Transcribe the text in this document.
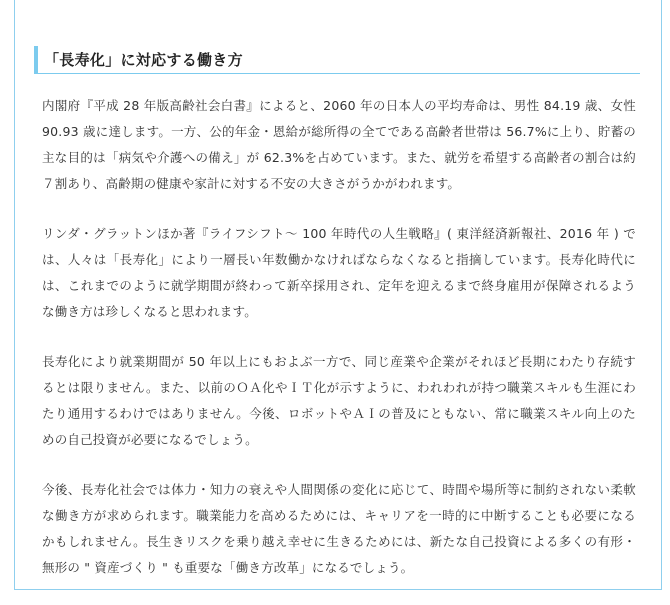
「長寿化」に対応する働き方

内閣府『平成 28 年版高齢社会白書』によると、2060 年の日本人の平均寿命は、男性 84.19 歳、女性 90.93 歳に達します。一方、公的年金・恩給が総所得の全てである高齢者世帯は 56.7%に上り、貯蓄の主な目的は「病気や介護への備え」が 62.3%を占めています。また、就労を希望する高齢者の割合は約７割あり、高齢期の健康や家計に対する不安の大きさがうかがわれます。

リンダ・グラットンほか著『ライフシフト～ 100 年時代の人生戦略』( 東洋経済新報社、2016 年 ) では、人々は「長寿化」により一層長い年数働かなければならなくなると指摘しています。長寿化時代には、これまでのように就学期間が終わって新卒採用され、定年を迎えるまで終身雇用が保障されるような働き方は珍しくなると思われます。

長寿化により就業期間が 50 年以上にもおよぶ一方で、同じ産業や企業がそれほど長期にわたり存続するとは限りません。また、以前のＯＡ化やＩＴ化が示すように、われわれが持つ職業スキルも生涯にわたり通用するわけではありません。今後、ロボットやＡＩの普及にともない、常に職業スキル向上のための自己投資が必要になるでしょう。

今後、長寿化社会では体力・知力の衰えや人間関係の変化に応じて、時間や場所等に制約されない柔軟な働き方が求められます。職業能力を高めるためには、キャリアを一時的に中断することも必要になるかもしれません。長生きリスクを乗り越え幸せに生きるためには、新たな自己投資による多くの有形・無形の " 資産づくり " も重要な「働き方改革」になるでしょう。
